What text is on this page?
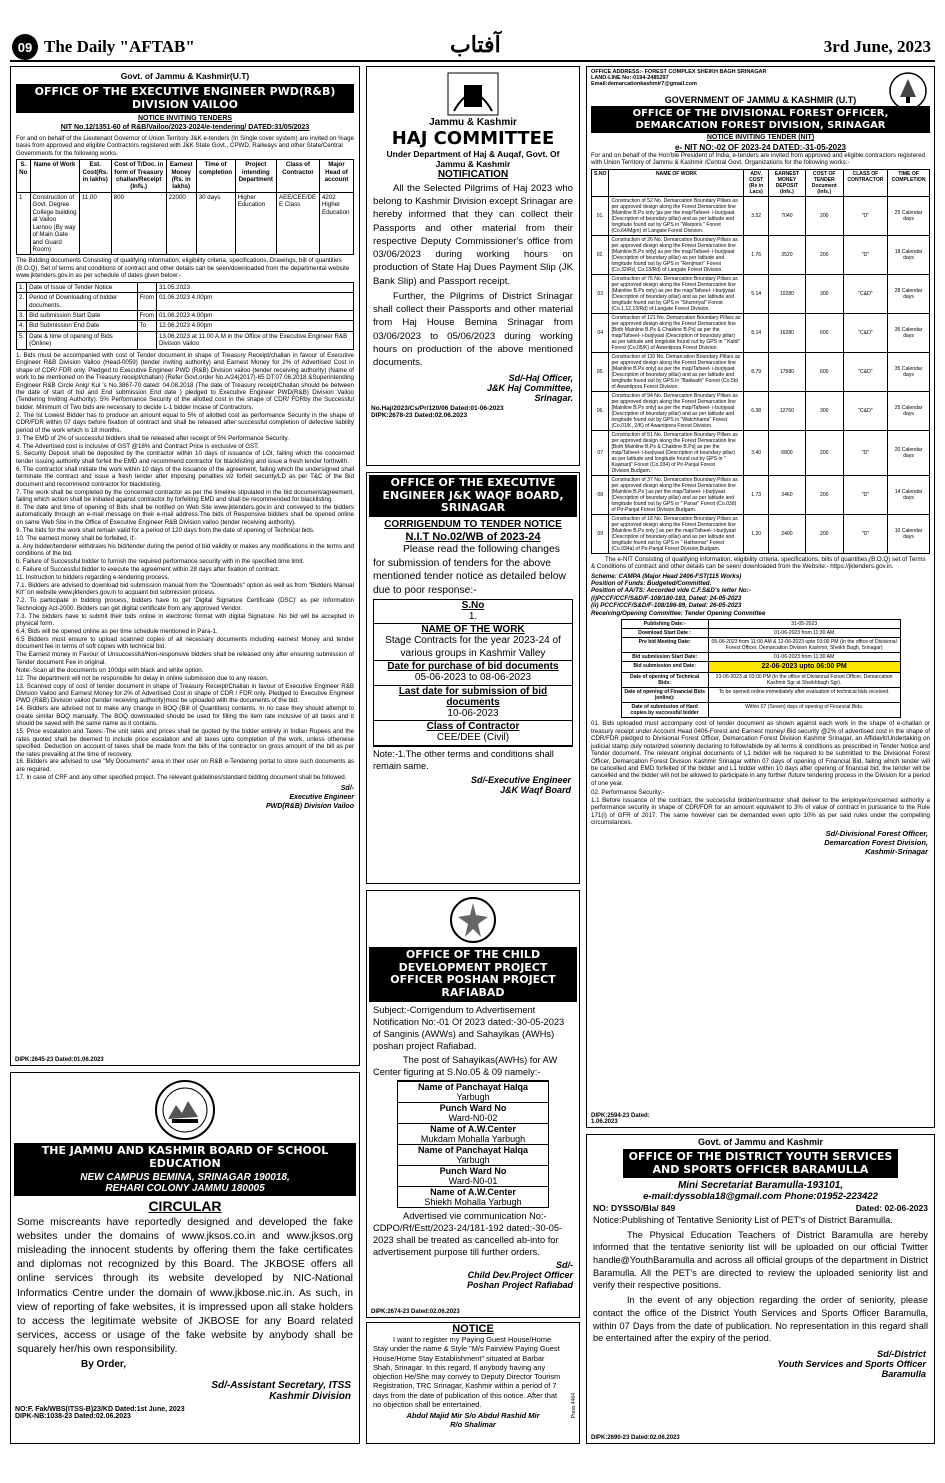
09 The Daily "AFTAB"	آفتاب	3rd June, 2023
Govt. of Jammu & Kashmir(U.T)
OFFICE OF THE EXECUTIVE ENGINEER PWD(R&B) DIVISION VAILOO
NOTICE INVITING TENDERS
NIT No.12/1351-60 of R&B/Vailoo/2023-2024/e-tendering/ DATED:31/05/2023

For and on behalf of the Lieutenant Governor of Union Territory J&K e-tenders (In Single cover system) are invited on %age basis from approved and eligible Contractors registered with J&K State Govt., CPWD, Railways and other State/Central Governments for the following works.

S. No	Name of Work	Est. Cost(Rs. in lakhs)	Cost of T/Doc. in form of Treasury challan/Receipt (Infs.)	Earnest Money (Rs. in lakhs)	Time of completion	Project intending Department	Class of Contractor	Major Head of account
1	Construction of Govt. Degree College building at Vailoo Larnoo (By way of Main Gate and Guard Room)	11.00	800	22000	30 days	Higher Education	AEE/CEE/DE E Class	4202 Higher Education

The Bidding documents Consisting of qualifying information, eligibility criteria, specifications, Drawings, bill of quantities (B.O.Q), Set of terms and conditions of contract and other details can be seen/downloaded from the departmental website www.jktenders.gov.in as per schedule of dates given below:-

1.	Date of Issue of Tender Notice		31.05.2023
2.	Period of Downloading of bidder documents.	From	01.06.2023 4.00pm
3.	Bid submission Start Date	From	01.06.2023 4.00pm
4.	Bid Submission End Date	To	12.06.2023 4.00pm
5.	Date & time of opening of Bids (Online)		13.06.2023 at 11.00 A.M in the Office of the Executive Engineer R&B Division Vailoo
1. Bids must be accompanied with cost of Tender document in shape of Treasury Receipt/challan in favour of Executive Engineer R&B Division Vailoo (Head-0059) (tender inviting authority) and Earnest Money for 2% of Advertised Cost in shape of CDR/ FDR only. Pledged to Executive Engineer PWD (R&B) Division vailoo (tender receiving authority) (Name of work to be mentioned on the Treasury receipt/challan) (Refer Govt.order No.A/24(2017)-65 DT:07.06.2018 &Superintending Engineer R&B Circle Anig/ Kul 's No.3867-70 dated: 04.08.2018 (The date of Treasury receipt/Challan should be between the date of start of bid and End submission End date ) pledged to Executive Engineer PWD(R&B) Division Vailoo (Tendering Inviting Authority). 5% Performance Security of the allotted cost in the shape of CDR/ FDRby the Successful bidder. Minimum of Two bids are necessary to decide L-1 bidder incase of Contractors.
2. The Ist Lowest Bidder has to produce an amount equal to 5% of allotted cost as performance Security in the shape of CDR/FDR within 07 days before fixation of contract and shall be released after successful completion of defective liability period of the work which is 18 months.
3. The EMD of 2% of successful bidders shall be released after receipt of 5% Performance Security.
4. The Advertised cost is inclusive of GST @18% and Contract Price is exclusive of GST.
5. Security Deposit shall be deposited by the contractor within 10 days of issuance of LOI, failing which the concerned tender issuing authority shall forfeit the EMD and recommend contractor for blacklisting and issue a fresh tender forthwith.
6. The contractor shall initiate the work within 10 days of the issuance of the agreement, failing which the undersigned shall terminate the contract and issue a fresh tender after imposing penalties viz forfeit security/LD as per T&C of the Bid document and recommend contractor for blacklisting.
7. The work shall be completed by the concerned contractor as per the timeline stipulated in the bid document/agreement, failing which action shall be initiated against contractor by forfeiting EMD and shall be recommended for blacklisting.
8. The date and time of opening of Bids shall be notified on Web Site www.jktenders.gov.in and conveyed to the bidders automatically through an e-mail message on their e-mail address.The bids of Responsive bidders shall be opened online on same Web Site in the Office of Executive Engineer R&B Division vailoo (tender receiving authority).
9. The bids for the work shall remain valid for a period of 120 days from the date of opening of Technical bids.
10. The earnest money shall be forfeited, if:-
a. Any bidder/tenderer withdraws his bid/tender during the period of bid validity or makes any modifications in the terms and conditions of the bid.
b. Failure of Successful bidder to furnish the required performance security with in the specified time limit.
c. Failure of Successful bidder to execute the agreement within 28 days after fixation of contract.
11. Instruction to bidders regarding e-tendering process.
7.1. Bidders are advised to download bid submission manual from the "Downloads" option as well as from "Bidders Manual Kit" on website www.jktenders.gov.in to acquaint bid submission process.
7.2. To participate in bidding process, bidders have to get 'Digital Signature Certificate (DSC)' as per Information Technology Act-2000. Bidders can get digital certificate from any approved Vendor.
7.3. The bidders have to submit their bids online in electronic format with digital Signature. No bid will be accepted in physical form.
6.4. Bids will be opened online as per time schedule mentioned in Para-1.
6.5 Bidders must ensure to upload scanned copies of all necessary documents including earnest Money and tender document fee in terms of soft copies with technical bid.
The Earnest money in Favour of Unsuccessful/Non-responsive bidders shall be released only after ensuring submission of Tender document Fee in original.
Note:-Scan all the documents on 100dpi with black and white option.
12. The department will not be responsible for delay in online submission due to any reason.
13. Scanned copy of cost of tender document in shape of Treasury Receipt/Challan in favour of Executive Engineer R&B Division Vailoo and Earnest Money for 2% of Advertised Cost in shape of CDR / FDR only. Pledged to Executive Engineer PWD (R&B) Division vailoo (tender receiving authority)must be uploaded with the documents of the bid.
14. Bidders are advised not to make any change in BOQ (Bill of Quantities) contents. In no case they should attempt to create similar BOQ manually. The BOQ downloaded should be used for filling the item rate inclusive of all taxes and it should be saved with the same name as it contains.
15. Price escalation and Taxes:-The unit rates and prices shall be quoted by the bidder entirely in Indian Rupees and the rates quoted shall be deemed to include price escalation and all taxes upto completion of the work, unless otherwise specified. Deduction on account of taxes shall be made from the bills of the contractor on gross amount of the bill as per the rates prevailing at the time of recovery.
16. Bidders are advised to use "My Documents" area in their user on R&B e-Tendering portal to store such documents as are required.
17. In case of CRF and any other specified project. The relevant guidelines/standard bidding document shall be followed.
Sd/-
Executive Engineer
PWD(R&B) Division Vailoo
DIPK:2645-23 Dated:01.06.2023
THE JAMMU AND KASHMIR BOARD OF SCHOOL EDUCATION
NEW CAMPUS BEMINA, SRINAGAR 190018,
REHARI COLONY JAMMU 180005
CIRCULAR

Some miscreants have reportedly designed and developed the fake websites under the domains of www.jksos.co.in and www.jksos.org misleading the innocent students by offering them the fake certificates and diplomas not recognized by this Board. The JKBOSE offers all online services through its website developed by NIC-National Informatics Centre under the domain of www.jkbose.nic.in. As such, in view of reporting of fake websites, it is impressed upon all stake holders to access the legitimate website of JKBOSE for any Board related services, access or usage of the fake website by anybody shall be squarely her/his own responsibility.

By Order,
Sd/-Assistant Secretary, ITSS
Kashmir Division
NO:F. Fak/WBS(ITSS-B)23/KD Dated:1st June, 2023
DIPK-NB:1038-23 Dated:02.06.2023
Jammu & Kashmir
HAJ COMMITTEE
Under Department of Haj & Auqaf, Govt. Of Jammu & Kashmir
NOTIFICATION

All the Selected Pilgrims of Haj 2023 who belong to Kashmir Division except Srinagar are hereby informed that they can collect their Passports and other material from their respective Deputy Commissioner's office from 03/06/2023 during working hours on production of State Haj Dues Payment Slip (JK Bank Slip) and Passport receipt.

Further, the Pilgrims of District Srinagar shall collect their Passports and other material from Haj House Bemina Srinagar from 03/06/2023 to 05/06/2023 during working hours on production of the above mentioned documents.

Sd/-Haj Officer,
J&K Haj Committee,
Srinagar.
No.Haj/2023/Cs/Pr/120/06 Dated:01-06-2023
DIPK:2678-23 Dated:02.06.2023
OFFICE OF THE EXECUTIVE ENGINEER J&K WAQF BOARD, SRINAGAR
CORRIGENDUM TO TENDER NOTICE
N.I.T No.02/WB of 2023-24

Please read the following changes for submission of tenders for the above mentioned tender notice as detailed below due to poor response:-

S.No
1.
NAME OF THE WORK
Stage Contracts for the year 2023-24 of various groups in Kashmir Valley
Date for purchase of bid documents
05-06-2023 to 08-06-2023
Last date for submission of bid documents
10-06-2023
Class of Contractor
CEE/DEE (Civil)

Note:-1.The other terms and conditions shall remain same.

Sd/-Executive Engineer
J&K Waqf Board
OFFICE OF THE CHILD DEVELOPMENT PROJECT OFFICER POSHAN PROJECT RAFIABAD

Subject:-Corrigendum to Advertisement Notification No:-01 Of 2023 dated:-30-05-2023 of Sanginis (AWWs) and Sahayikas (AWHs) poshan project Rafiabad.

The post of Sahayikas(AWHs) for AW Center figuring at S.No.05 & 09 namely:-

Name of Panchayat Halqa
Yarbugh
Punch Ward No
Ward-N0-02
Name of A.W.Center
Mukdam Mohalla Yarbugh
Name of Panchayat Halqa
Yarbugh
Punch Ward No
Ward-N0-01
Name of A.W.Center
Shiekh Mohalla Yarbugh

Advertised vie communication No:-CDPO/Rf/Estt/2023-24/181-192 dated:-30-05-2023 shall be treated as cancelled ab-into for advertisement purpose till further orders.

Sd/-
Child Dev.Project Officer
Poshan Project Rafiabad
DIPK:2674-23 Dated:02.06.2023
NOTICE

I want to register my Paying Guest House/Home Stay under the name & Style "M/s Fairview Paying Guest House/Home Stay Establishment" situated at Barbar Shah, Srinagar. In this regard, If anybody having any objection He/She may convey to Deputy Director Tourism Registration, TRC Srinagar, Kashmir within a period of 7 days from the date of publication of this notice. After that no objection shall be entertained.

Abdul Majid Mir S/o Abdul Rashid Mir
R/o Shalimar
Press 4464
OFFICE ADDRESS:- FOREST COMPLEX SHEIKH BAGH SRINAGAR
LAND-LINE No:-0194-2485297
Email:demarcationkashmir7@gmail.com
GOVERNMENT OF JAMMU & KASHMIR (U.T)
OFFICE OF THE DIVISIONAL FOREST OFFICER, DEMARCATION FOREST DIVISION, SRINAGAR
NOTICE INVITING TENDER (NIT)
e- NIT NO:-02 OF 2023-24 DATED:-31-05-2023

For and on behalf of the Hon'ble President of India, e-tenders are invited from approved and eligible contractors registered with Union Territory of Jammu & Kashmir /Central Govt. Organizations for the following works:-

S.NO	NAME OF WORK	ADV. COST (Rs in Lacs)	EARNEST MONEY DEPOSIT (Infs.)	COST OF TENDER Document (Infs.)	CLASS OF CONTRACTOR	TIME OF COMPLETION
01.	Construction of 52 No. Demarcation Boundary Pillars as per approved design along the Forest Demarcation line [Mainline B.Ps only ]as per the map/Tafseel- i-burjiyaat (Description of boundary pillar) and as per latitude and longitude found out by GPS in "Warpora " Forest (Co.64/Mgm) of Langate Forest Division.	3.52	7040	200	"D"	25 Calendar days
02.	Construction of 26 No. Demarcation Boundary Pillars as per approved design along the Forest Demarcation line [Mainline B.Ps only] as per the map/Tafseel- i-burjiyaat (Description of boundary pillar) as per latitude and longitude found out by GPS in "Renjmarr" Forest (Co.32/Rd, Co.13/Rd) of Langate Forest Division.	1.76	3520	200	"D"	18 Calendar days
03	Construction of 76 No. Demarcation Boundary Pillars as per approved design along the Forest Demarcation line (Mainline B.Ps only) as per the map/Tafseel- i-burjiyaat (Description of boundary pillar) and as per latitude and longitude found out by GPS in "Shumriyal" Forest (Co.1,12,13/Rd) of Langate Forest Division.	5.14	10280	300	"C&D"	28 Calendar days
04	Construction of 121 No. Demarcation Boundary Pillars as per approved design along the Forest Demarcation line [Both Mainline B.Ps & Chakline B.Ps] as per the map/Tafseel- i-burjiyaat (Description of boundary pillar) as per latitude and longitude found out by GPS in " Kahil" Forest (Co.05/K) of Awantipora Forest Division.	8.14	16280	600	"C&D"	35 Calendar days
05.	Construction of 110 No. Demarcation Boundary Pillars as per approved design along the Forest Demarcation line [Mainline B.Ps only] as per the map/Tafseel- i-burjiyaat (Description of boundary pillar) and as per latitude and longitude found out by GPS in "Badwath" Forest (Co.5b) of Awantipora Forest Division.	8.79	17580	600	"C&D"	35 Calendar days
06.	Construction of 94 No. Demarcation Boundary Pillars as per approved design along the Forest Demarcation line [Mainline B.Ps only] as per the map/Tafseel- i-burjiyaat (Description of boundary pillar) and as per latitude and longitude found out by GPS in "Watchhama" Forest (Co.01/K, 2/K) of Awantipora Forest Division.	6.38	12760	300	"C&D"	25 Calendar days
07	Construction of 51 No. Demarcation Boundary Pillars as per approved design along the Forest Demarcation line [Both Mainline B.Ps & Chakline B.Ps] as per the map/Tafseel- i-burjiyaat (Description of boundary pillar) as per latitude and longitude found out by GPS in " Kawnarji" Forest (Co.034) of Pir-Panjal Forest Division,Budgam.	3.40	6800	200	"D"	20 Calendar days
08	Construction of 37 No. Demarcation Boundary Pillars as per approved design along the Forest Demarcation line [Mainline B.Ps ] as per the map/Tafseel- i-burjiyaat (Description of boundary pillar) and as per latitude and longitude found out by GPS in " Panar" Forest (Co.03d) of Pir-Panjal Forest Division,Budgam.	1.73	3460	200	"D"	14 Calendar days
09	Construction of 18 No. Demarcation Boundary Pillars as per approved design along the Forest Demarcation line [Mainline B.Ps only ] as per the map/Tafseel- i-burjiyaat (Description of boundary pillar) and as per latitude and longitude found out by GPS in " Hathornar" Forest (Co.034a) of Pir-Panjal Forest Division,Budgam.	1.20	2400	200	"D"	10 Calendar days

The e-NIT Consisting of qualifying information, eligibility criteria, specifications, bills of quantities,(B.O.Q) set of Terms & Conditions of contract and other details can be seen/ downloaded from the Website:- https://jktenders.gov.in.

Scheme: CAMPA (Major Head 2406-FST(115 Works)
Position of Funds: Budgeted/Committed.
Position of AA/TS: Accorded vide C.F.S&D's letter No:-
(i)PCCF/CCF/S&D/F-108/180-183, Dated: 24-05-2023
(ii) PCCF/CCF/S&D/F-108/186-89, Dated: 26-05-2023
Receiving/Opening Committee: Tender Opening Committee
Publishing Date:-	31-05-2023
Download Start Date :	01-06-2023 from 11:30 AM
Pre bid Meeting Date:	05-06-2023 from 11:00 AM & 12-06-2023 upto 03:00 PM (In the office of Divisional Forest Officer, Demarcation Division Kashmir, Sheikh Bagh, Srinagar)
Bid submission Start Date:	01-06-2023 from 11:30 AM
Bid submission end Date:	22-06-2023 upto 06:00 PM
Date of opening of Technical Bids:	23-06-2023 at 03:00 PM (In the office of Divisional Forest Officer, Demarcation Kashmir Sgr at Sheikhbagh Sgr).
Date of opening of Financial Bids (online):	To be opened online immediately after evaluation of technical bids received.
Date of submission of Hard copies by successful bidder	Within 07 (Seven) days of opening of Financial Bids.

01. Bids uploaded must accompany cost of tender document as shown against each work in the shape of e-challan or treasury receipt under Account Head 0406-Forest and Earnest money/ Bid security @2% of advertised cost in the shape of CDR/FDR pledged to Divisional Forest Officer, Demarcation Forest Division Kashmir Srinagar, an Affidavit/Undertaking on judicial stamp duly notarized solemnly declaring to follow/abide by all terms & conditions as prescribed in Tender Notice and Tender document. The relevant original documents of L1 bidder will be required to be submitted to the Divisional Forest Officer, Demarcation Forest Division Kashmir Srinagar within 07 days of opening of Financial Bid, failing which tender will be cancelled and EMD forfeited of the bidder and L1 bidder within 10 days after opening of financial bid, the tender will be cancelled and the bidder will not be allowed to participate in any further /future tendering process in the Division for a period of one year.

02. Performance Security:-

1.1 Before issuance of the contract, the successful bidder/contractor shall deliver to the employer/concerned authority a performance security in shape of CDR/FDR for an amount equivalent to 3% of value of contract in pursuance to the Rule 171(i) of GFR of 2017. The same however can be demanded even upto 10% as per said rules under the compelling circumstances.

Sd/-Divisional Forest Officer,
Demarcation Forest Division,
Kashmir-Srinagar
DIPK:2594-23 Dated: 1.06.2023
Govt. of Jammu and Kashmir
OFFICE OF THE DISTRICT YOUTH SERVICES AND SPORTS OFFICER BARAMULLA
Mini Secretariat Baramulla-193101,
e-mail:dyssobla18@gmail.com Phone:01952-223422
NO: DYSSO/Bla/ 849	Dated: 02-06-2023

Notice:Publishing of Tentative Seniority List of PET's of District Baramulla.

The Physical Education Teachers of District Baramulla are hereby informed that the tentative seniority list will be uploaded on our official Twitter handle@YouthBaramulla and across all official groups of the department in District Baramulla. All the PET's are directed to review the uploaded seniority list and verify their respective positions.

In the event of any objection regarding the order of seniority, please contact the office of the District Youth Services and Sports Officer Baramulla, within 07 Days from the date of publication. No representation in this regard shall be entertained after the expiry of the period.

Sd/-District
Youth Services and Sports Officer
Baramulla
DIPK:2690-23 Dated:02.06.2023
